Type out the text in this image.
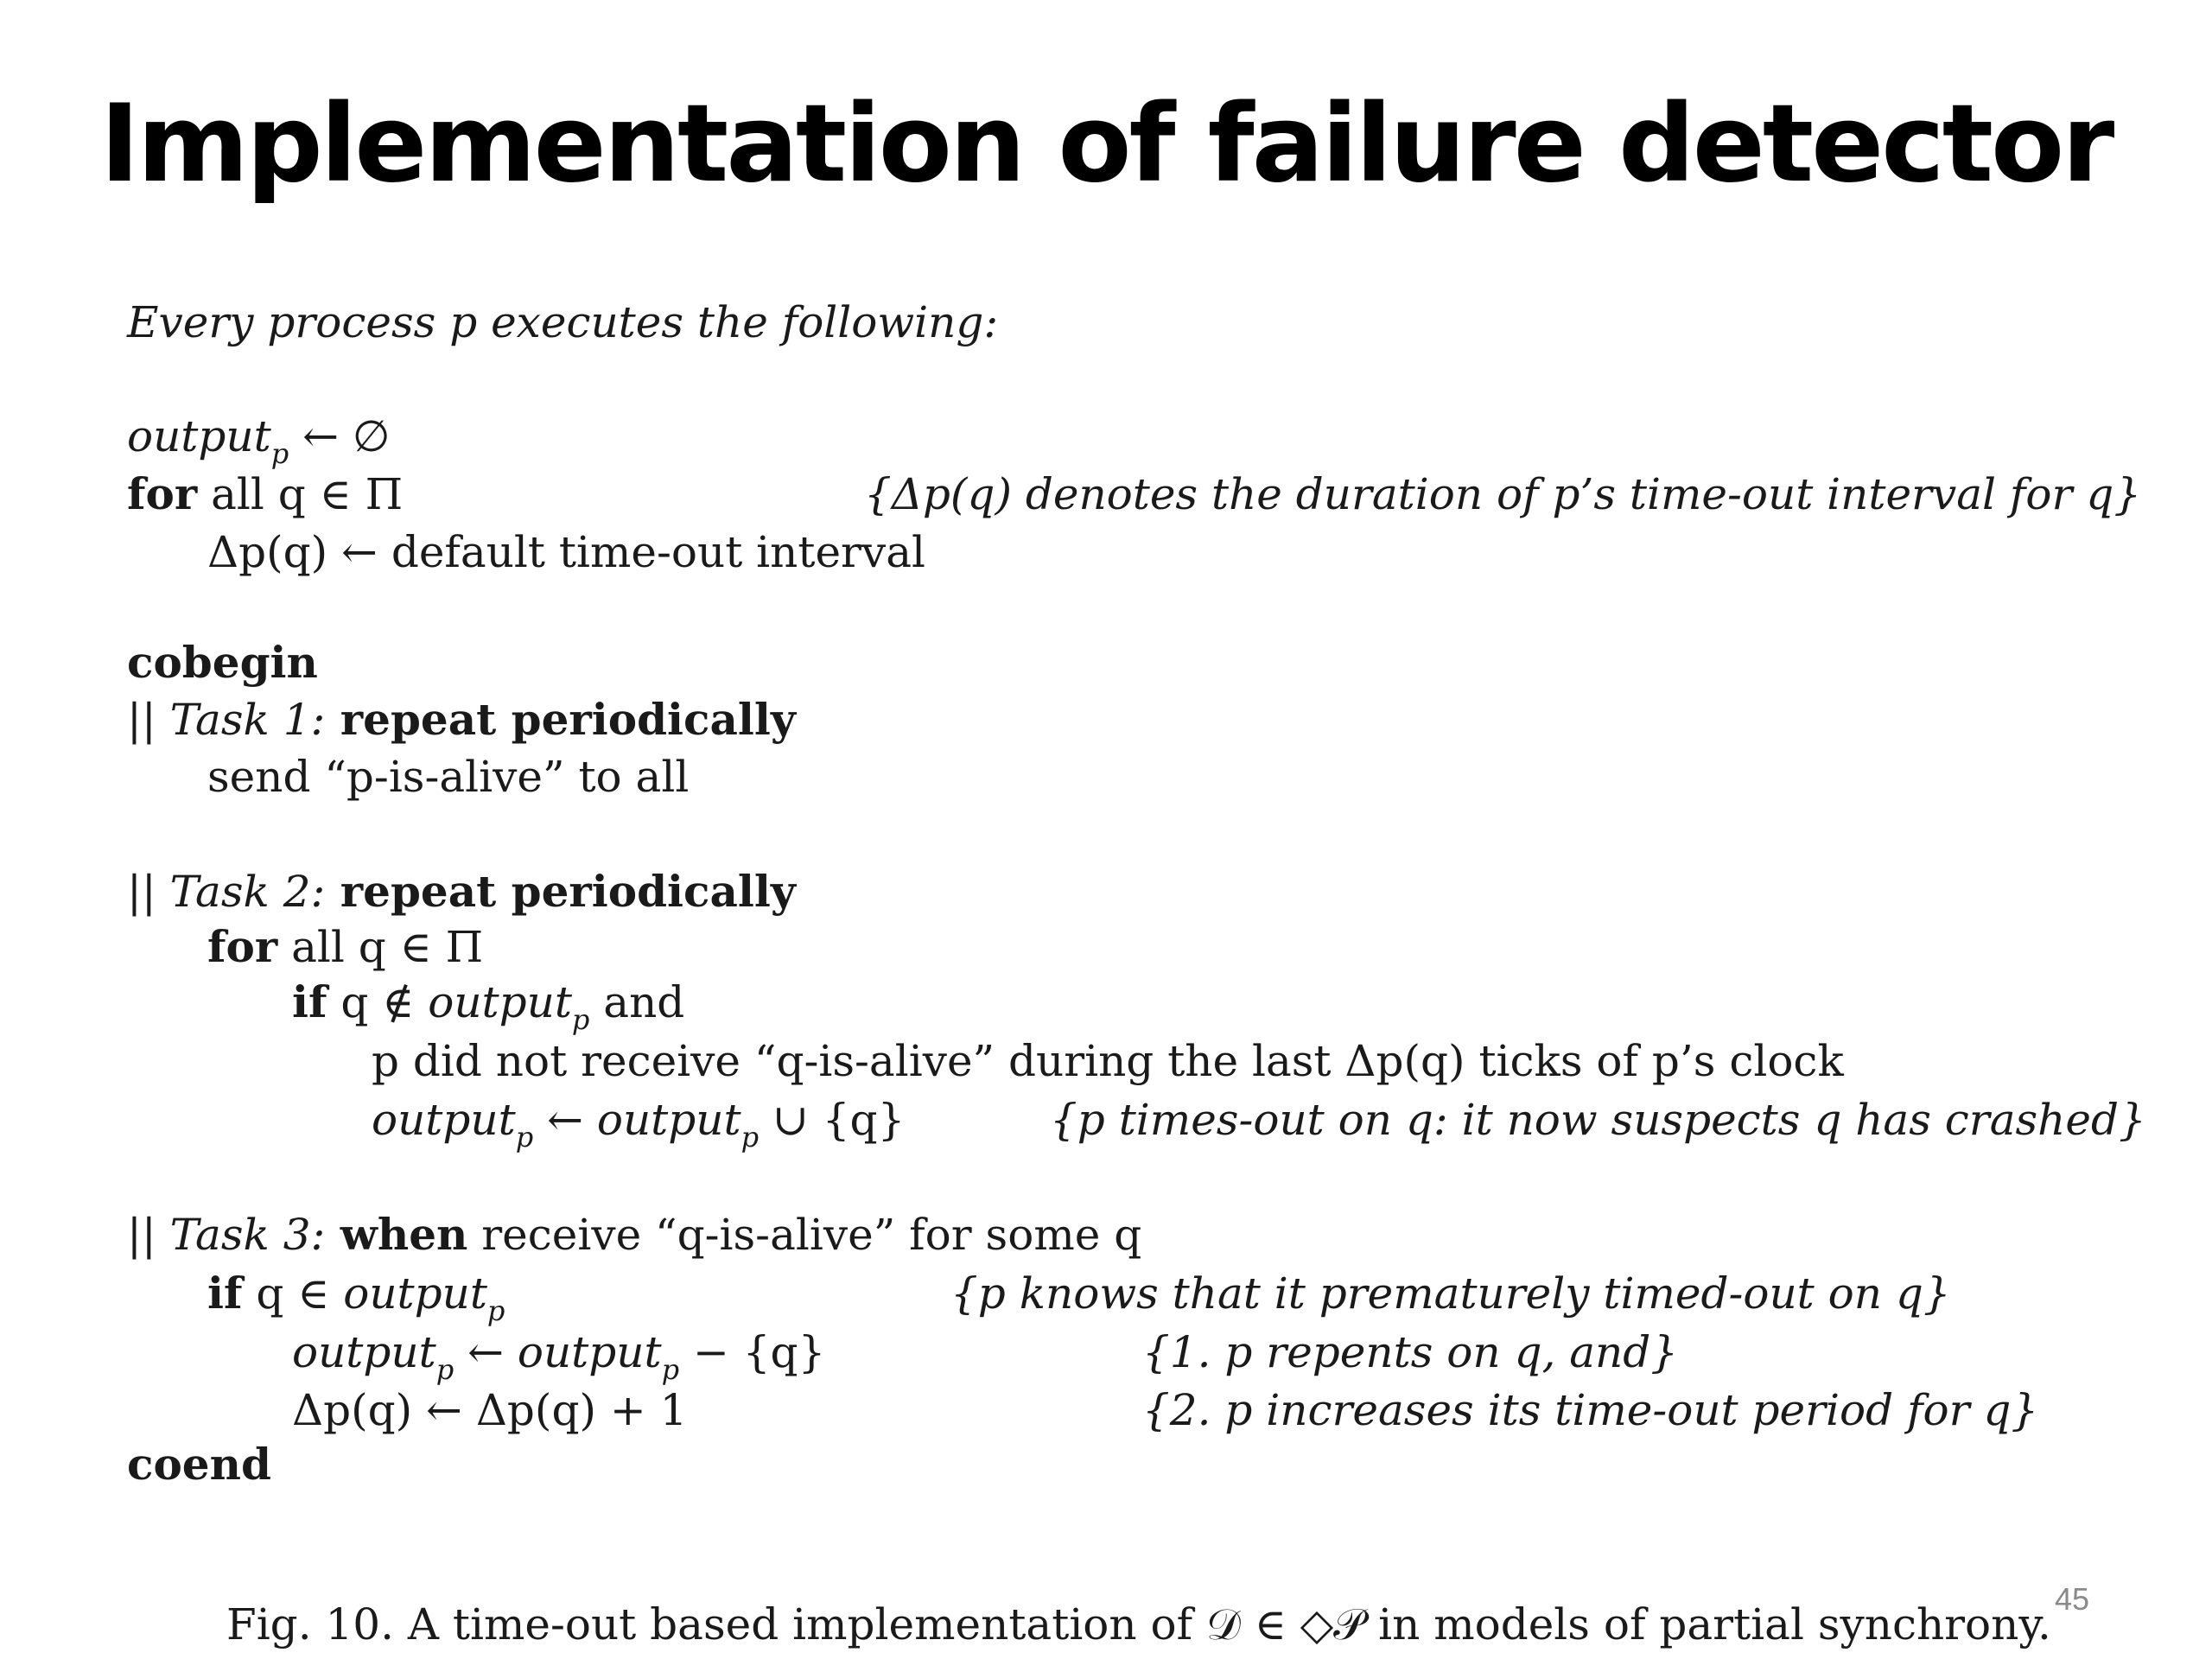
Implementation of failure detector
Every process p executes the following:
output$_p$ ← ∅
for all q ∈ Π	{Δp(q) denotes the duration of p’s time-out interval for q}
Δp(q) ← default time-out interval
cobegin
|| Task 1: repeat periodically
send “p-is-alive” to all
|| Task 2: repeat periodically
for all q ∈ Π
if q ∉ output$_p$ and
p did not receive “q-is-alive” during the last Δp(q) ticks of p’s clock
output$_p$ ← output$_p$ ∪ {q}	{p times-out on q: it now suspects q has crashed}
|| Task 3: when receive “q-is-alive” for some q
if q ∈ output$_p$	{p knows that it prematurely timed-out on q}
output$_p$ ← output$_p$ − {q}	{1. p repents on q, and}
Δp(q) ← Δp(q) + 1	{2. p increases its time-out period for q}
coend
Fig. 10. A time-out based implementation of 𝒟 ∈ ◇𝒫 in models of partial synchrony.
45
